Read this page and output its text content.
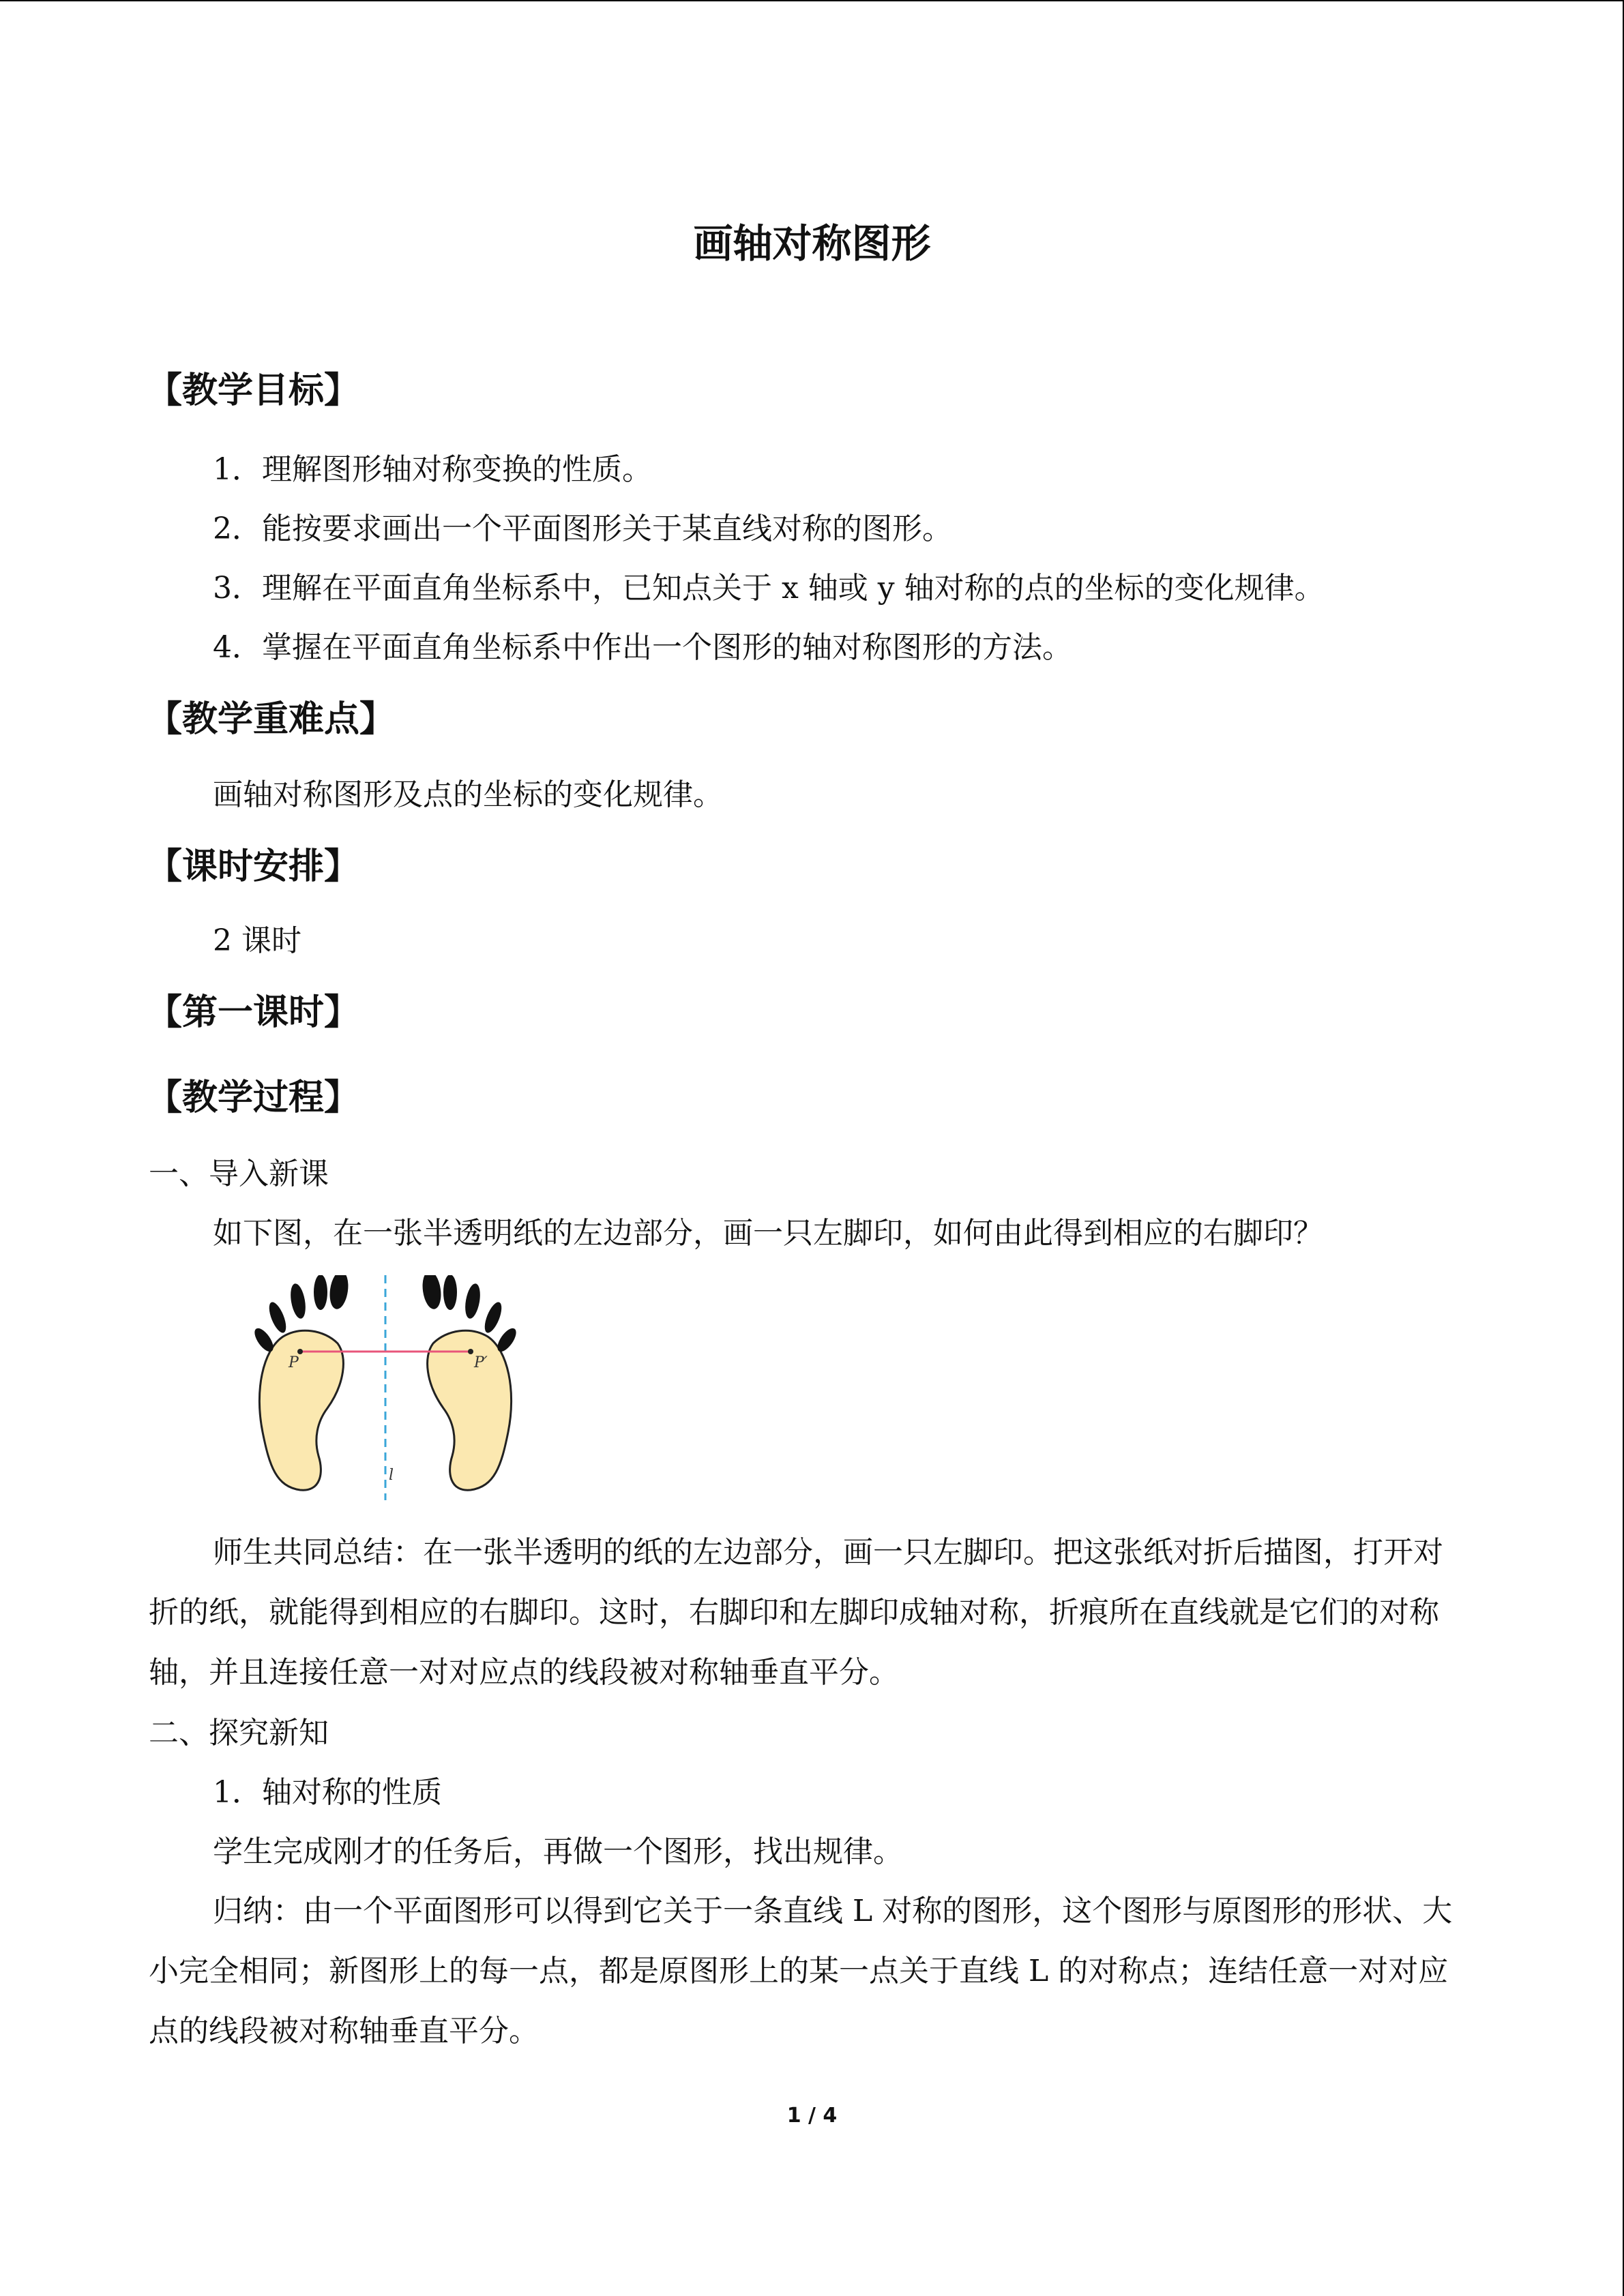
画轴对称图形
【教学目标】
1．理解图形轴对称变换的性质。
2．能按要求画出一个平面图形关于某直线对称的图形。
3．理解在平面直角坐标系中，已知点关于 x 轴或 y 轴对称的点的坐标的变化规律。
4．掌握在平面直角坐标系中作出一个图形的轴对称图形的方法。
【教学重难点】
画轴对称图形及点的坐标的变化规律。
【课时安排】
2 课时
【第一课时】
【教学过程】
一、导入新课
如下图，在一张半透明纸的左边部分，画一只左脚印，如何由此得到相应的右脚印？
P	P′
l
师生共同总结：在一张半透明的纸的左边部分，画一只左脚印。把这张纸对折后描图，打开对折的纸，就能得到相应的右脚印。这时，右脚印和左脚印成轴对称，折痕所在直线就是它们的对称轴，并且连接任意一对对应点的线段被对称轴垂直平分。
二、探究新知
1．轴对称的性质
学生完成刚才的任务后，再做一个图形，找出规律。
归纳：由一个平面图形可以得到它关于一条直线 L 对称的图形，这个图形与原图形的形状、大小完全相同；新图形上的每一点，都是原图形上的某一点关于直线 L 的对称点；连结任意一对对应点的线段被对称轴垂直平分。
1 / 4
